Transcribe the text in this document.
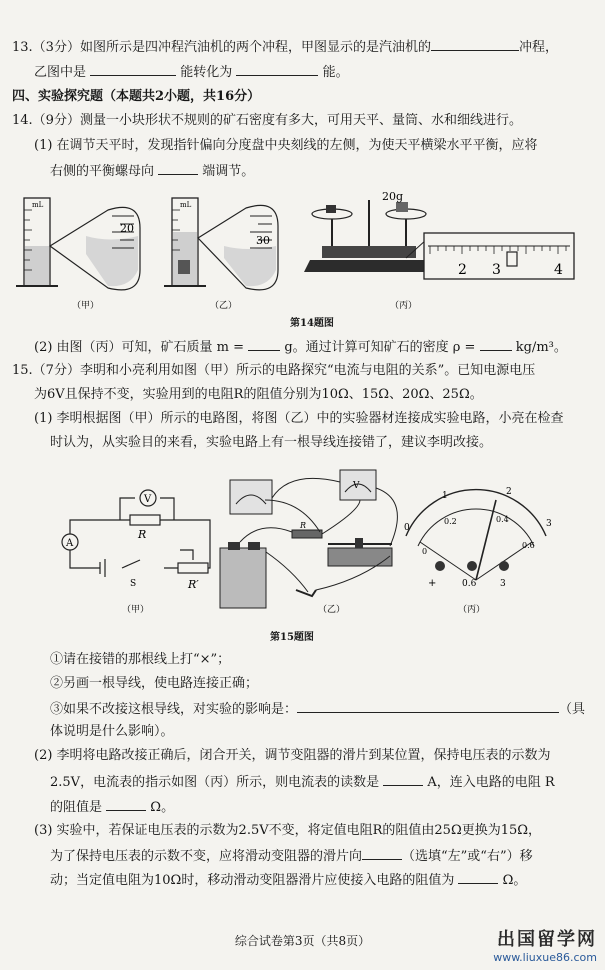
13.（3分）如图所示是四冲程汽油机的两个冲程，甲图显示的是汽油机的	冲程，
乙图中是	能转化为	能。
四、实验探究题（本题共2小题，共16分）
14.（9分）测量一小块形状不规则的矿石密度有多大，可用天平、量筒、水和细线进行。
(1) 在调节天平时，发现指针偏向分度盘中央刻线的左侧，为使天平横梁水平平衡，应将
右侧的平衡螺母向	端调节。
mL
20
（甲）
mL
30
（乙）
20g
2 3	4
（丙）
第14题图
(2) 由图（丙）可知，矿石质量 m =	g。通过计算可知矿石的密度 ρ =	kg/m³。
15.（7分）李明和小亮利用如图（甲）所示的电路探究“电流与电阻的关系”。已知电源电压
为6V且保持不变，实验用到的电阻R的阻值分别为10Ω、15Ω、20Ω、25Ω。
(1) 李明根据图（甲）所示的电路图，将图（乙）中的实验器材连接成实验电路，小亮在检查
时认为，从实验目的来看，实验电路上有一根导线连接错了，建议李明改接。
A
V
R
S	R′
（甲）
V
R
（乙）
0
1	2
3
0
0.2	0.4
0.6
+	0.6	3
（丙）
第15题图
①请在接错的那根线上打“×”；
②另画一根导线，使电路连接正确；
③如果不改接这根导线，对实验的影响是：	（具
体说明是什么影响）。
(2) 李明将电路改接正确后，闭合开关，调节变阻器的滑片到某位置，保持电压表的示数为
2.5V，电流表的指示如图（丙）所示，则电流表的读数是	A，连入电路的电阻 R
的阻值是	Ω。
(3) 实验中，若保证电压表的示数为2.5V不变，将定值电阻R的阻值由25Ω更换为15Ω，
为了保持电压表的示数不变，应将滑动变阻器的滑片向	（选填“左”或“右”）移
动；当定值电阻为10Ω时，移动滑动变阻器滑片应使接入电路的阻值为	Ω。
综合试卷第3页（共8页）	出国留学网
www.liuxue86.com
